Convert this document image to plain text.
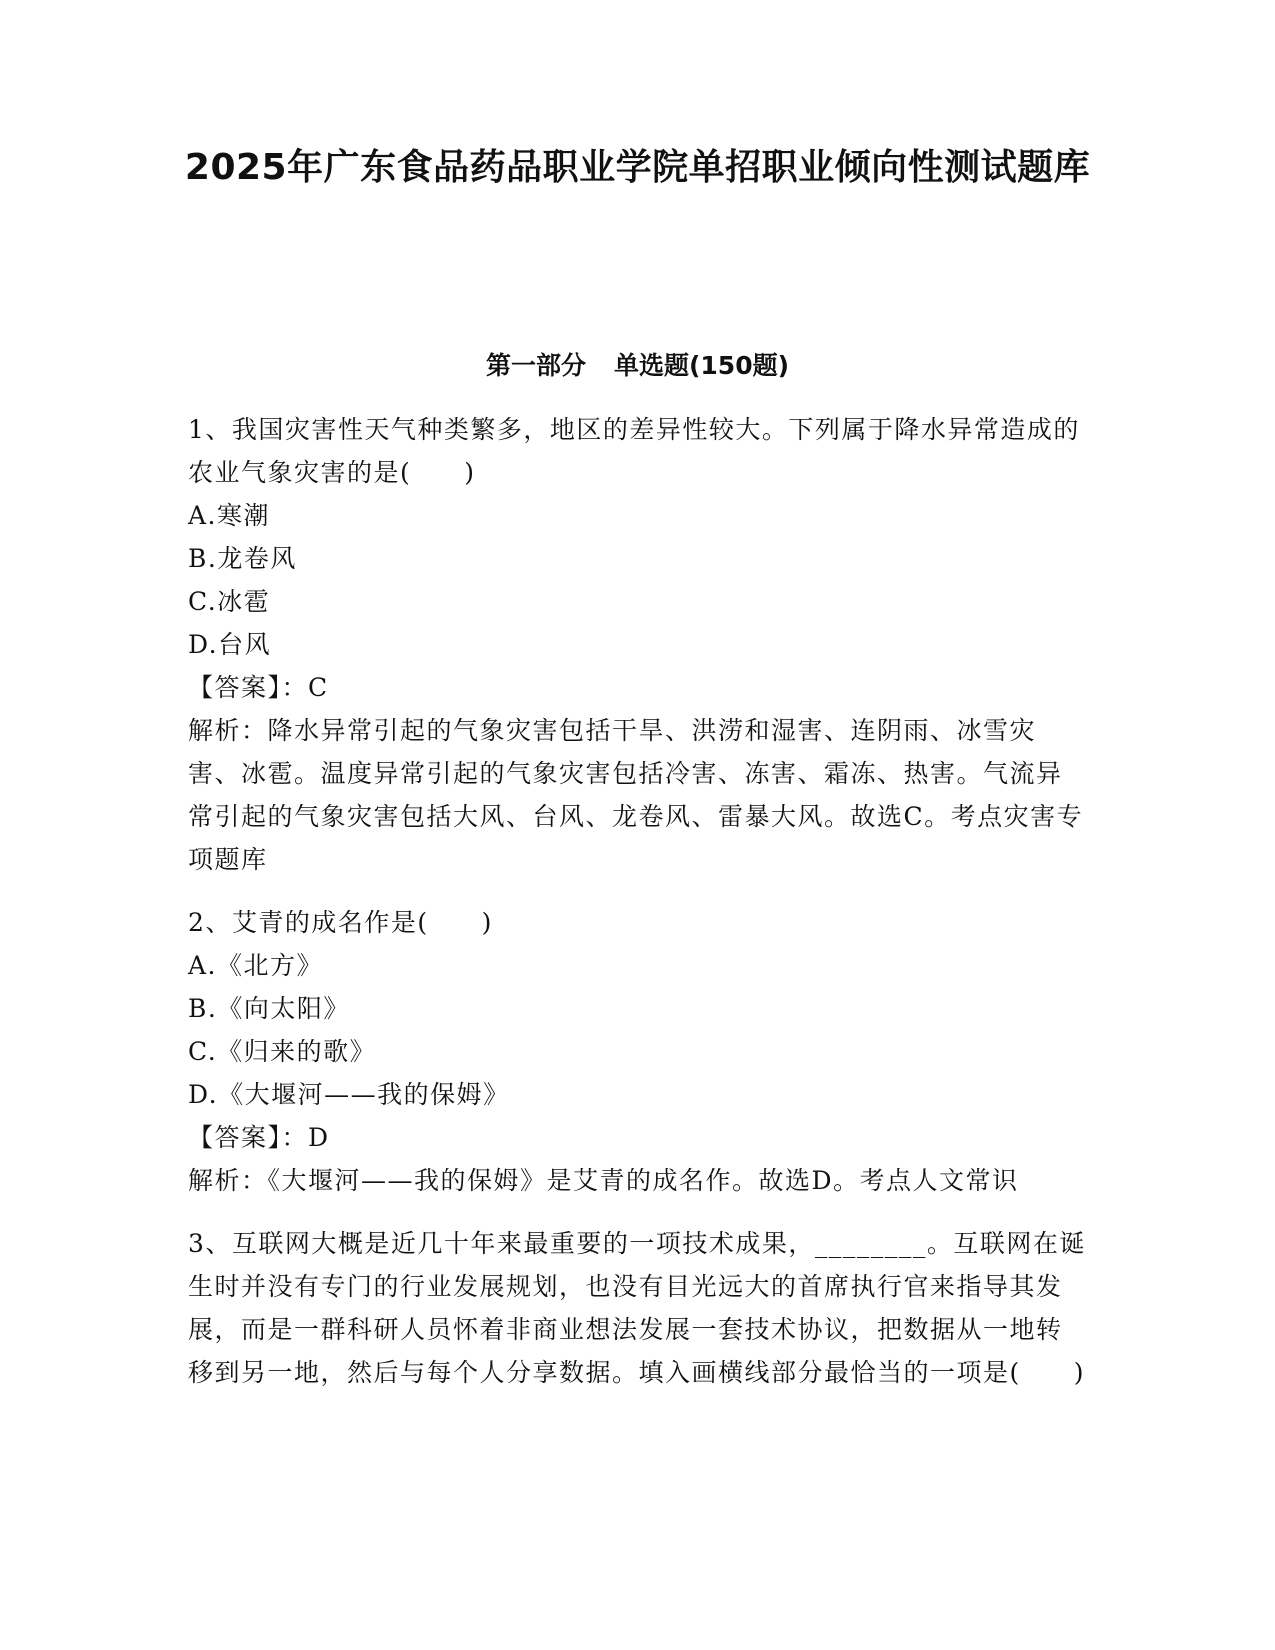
2025年广东食品药品职业学院单招职业倾向性测试题库
第一部分 单选题(150题)
1、我国灾害性天气种类繁多，地区的差异性较大。下列属于降水异常造成的农业气象灾害的是(　　)
A.寒潮
B.龙卷风
C.冰雹
D.台风
【答案】：C
解析：降水异常引起的气象灾害包括干旱、洪涝和湿害、连阴雨、冰雪灾害、冰雹。温度异常引起的气象灾害包括冷害、冻害、霜冻、热害。气流异常引起的气象灾害包括大风、台风、龙卷风、雷暴大风。故选C。考点灾害专项题库
2、艾青的成名作是(　　)
A.《北方》
B.《向太阳》
C.《归来的歌》
D.《大堰河——我的保姆》
【答案】：D
解析：《大堰河——我的保姆》是艾青的成名作。故选D。考点人文常识
3、互联网大概是近几十年来最重要的一项技术成果，________。互联网在诞生时并没有专门的行业发展规划，也没有目光远大的首席执行官来指导其发展，而是一群科研人员怀着非商业想法发展一套技术协议，把数据从一地转移到另一地，然后与每个人分享数据。填入画横线部分最恰当的一项是(　　)
